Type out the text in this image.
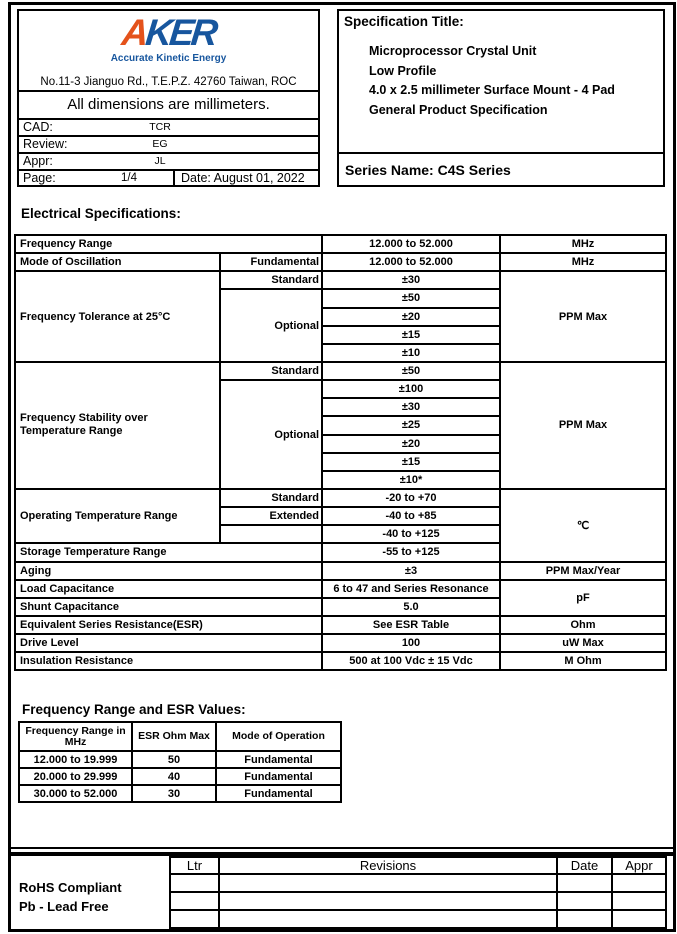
AKER
Accurate Kinetic Energy
No.11-3 Jianguo Rd., T.E.P.Z. 42760 Taiwan, ROC
All dimensions are millimeters.
CAD:	TCR
Review:	EG
Appr:	JL
Page:	1/4	Date: August 01, 2022
Specification Title:
Microprocessor Crystal Unit
Low Profile
4.0 x 2.5 millimeter Surface Mount - 4 Pad
General Product Specification
Series Name: C4S Series
Electrical Specifications:
Frequency Range		12.000 to 52.000	MHz
Mode of Oscillation	Fundamental	12.000 to 52.000	MHz
Frequency Tolerance at 25°C	Standard	±30	PPM Max
	Optional	±50	
		±20	
		±15	
		±10	
Frequency Stability over Temperature Range	Standard	±50	PPM Max
	Optional	±100	
		±30	
		±25	
		±20	
		±15	
		±10*	
Operating Temperature Range	Standard	-20 to +70	℃
	Extended	-40 to +85	
		-40 to +125	
Storage Temperature Range		-55 to +125	
Aging		±3	PPM Max/Year
Load Capacitance		6 to 47 and Series Resonance	pF
Shunt Capacitance		5.0	
Equivalent Series Resistance(ESR)		See ESR Table	Ohm
Drive Level		100	uW Max
Insulation Resistance		500 at 100 Vdc ± 15 Vdc	M Ohm
Frequency Range and ESR Values:
Frequency Range in MHz	ESR Ohm Max	Mode of Operation
12.000 to 19.999	50	Fundamental
20.000 to 29.999	40	Fundamental
30.000 to 52.000	30	Fundamental
RoHS Compliant
Pb - Lead Free
Ltr	Revisions	Date	Appr
